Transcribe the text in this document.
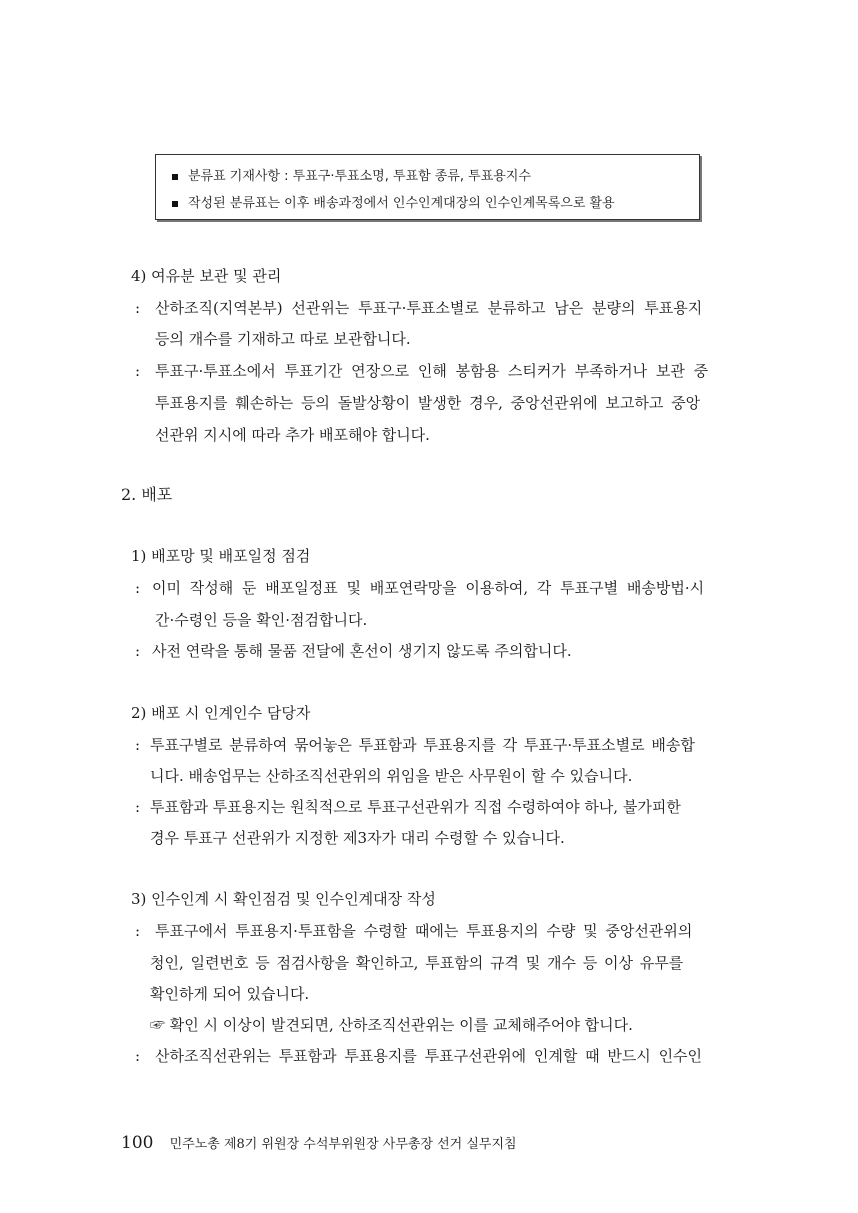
분류표 기재사항 : 투표구·투표소명, 투표함 종류, 투표용지수
작성된 분류표는 이후 배송과정에서 인수인계대장의 인수인계목록으로 활용
4) 여유분 보관 및 관리
: 산하조직(지역본부) 선관위는 투표구·투표소별로 분류하고 남은 분량의 투표용지
등의 개수를 기재하고 따로 보관합니다.
: 투표구·투표소에서 투표기간 연장으로 인해 봉함용 스티커가 부족하거나 보관 중
투표용지를 훼손하는 등의 돌발상황이 발생한 경우, 중앙선관위에 보고하고 중앙
선관위 지시에 따라 추가 배포해야 합니다.
2. 배포
1) 배포망 및 배포일정 점검
: 이미 작성해 둔 배포일정표 및 배포연락망을 이용하여, 각 투표구별 배송방법·시
간·수령인 등을 확인·점검합니다.
: 사전 연락을 통해 물품 전달에 혼선이 생기지 않도록 주의합니다.
2) 배포 시 인계인수 담당자
: 투표구별로 분류하여 묶어놓은 투표함과 투표용지를 각 투표구·투표소별로 배송합
니다. 배송업무는 산하조직선관위의 위임을 받은 사무원이 할 수 있습니다.
: 투표함과 투표용지는 원칙적으로 투표구선관위가 직접 수령하여야 하나, 불가피한
경우 투표구 선관위가 지정한 제3자가 대리 수령할 수 있습니다.
3) 인수인계 시 확인점검 및 인수인계대장 작성
: 투표구에서 투표용지·투표함을 수령할 때에는 투표용지의 수량 및 중앙선관위의
청인, 일련번호 등 점검사항을 확인하고, 투표함의 규격 및 개수 등 이상 유무를
확인하게 되어 있습니다.
☞ 확인 시 이상이 발견되면, 산하조직선관위는 이를 교체해주어야 합니다.
: 산하조직선관위는 투표함과 투표용지를 투표구선관위에 인계할 때 반드시 인수인
100 민주노총 제8기 위원장 수석부위원장 사무총장 선거 실무지침
